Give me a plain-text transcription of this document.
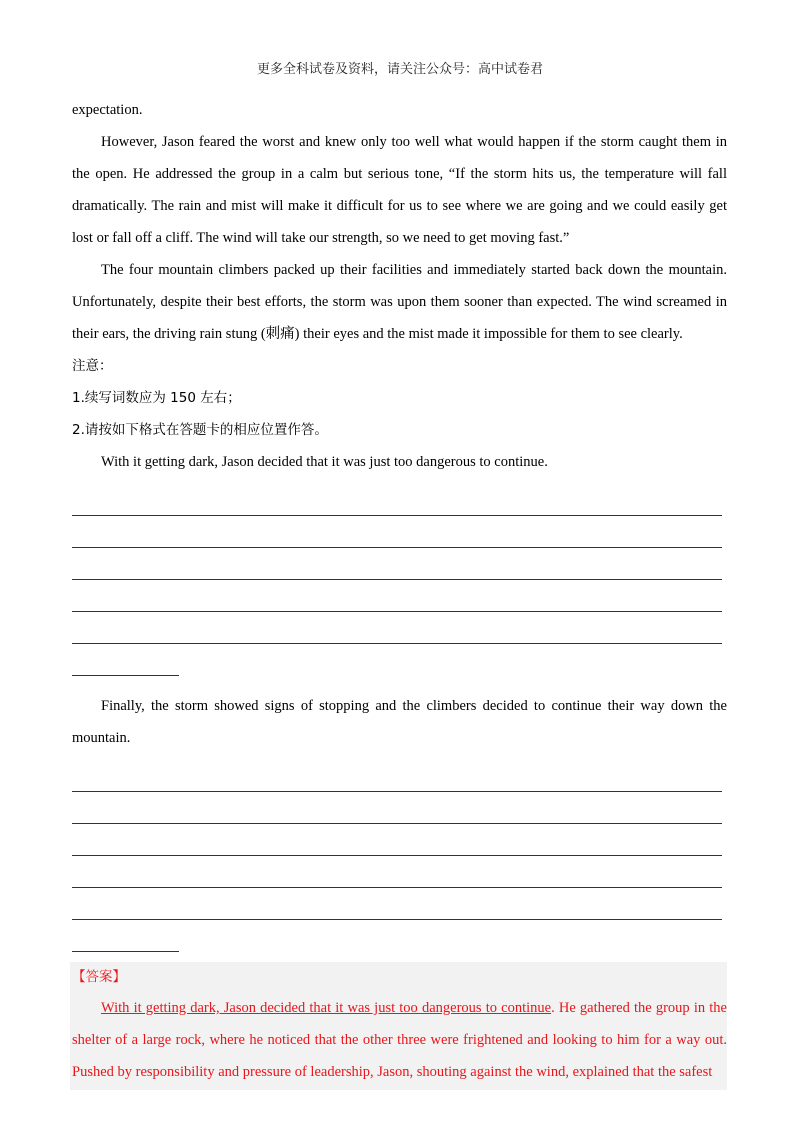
更多全科试卷及资料，请关注公众号：高中试卷君

expectation.

However, Jason feared the worst and knew only too well what would happen if the storm caught them in the open. He addressed the group in a calm but serious tone, “If the storm hits us, the temperature will fall dramatically. The rain and mist will make it difficult for us to see where we are going and we could easily get lost or fall off a cliff. The wind will take our strength, so we need to get moving fast.”

The four mountain climbers packed up their facilities and immediately started back down the mountain. Unfortunately, despite their best efforts, the storm was upon them sooner than expected. The wind screamed in their ears, the driving rain stung (刺痛) their eyes and the mist made it impossible for them to see clearly.

注意：

1.续写词数应为 150 左右；

2.请按如下格式在答题卡的相应位置作答。

With it getting dark, Jason decided that it was just too dangerous to continue.

Finally, the storm showed signs of stopping and the climbers decided to continue their way down the mountain.

【答案】

With it getting dark, Jason decided that it was just too dangerous to continue. He gathered the group in the shelter of a large rock, where he noticed that the other three were frightened and looking to him for a way out. Pushed by responsibility and pressure of leadership, Jason, shouting against the wind, explained that the safest
